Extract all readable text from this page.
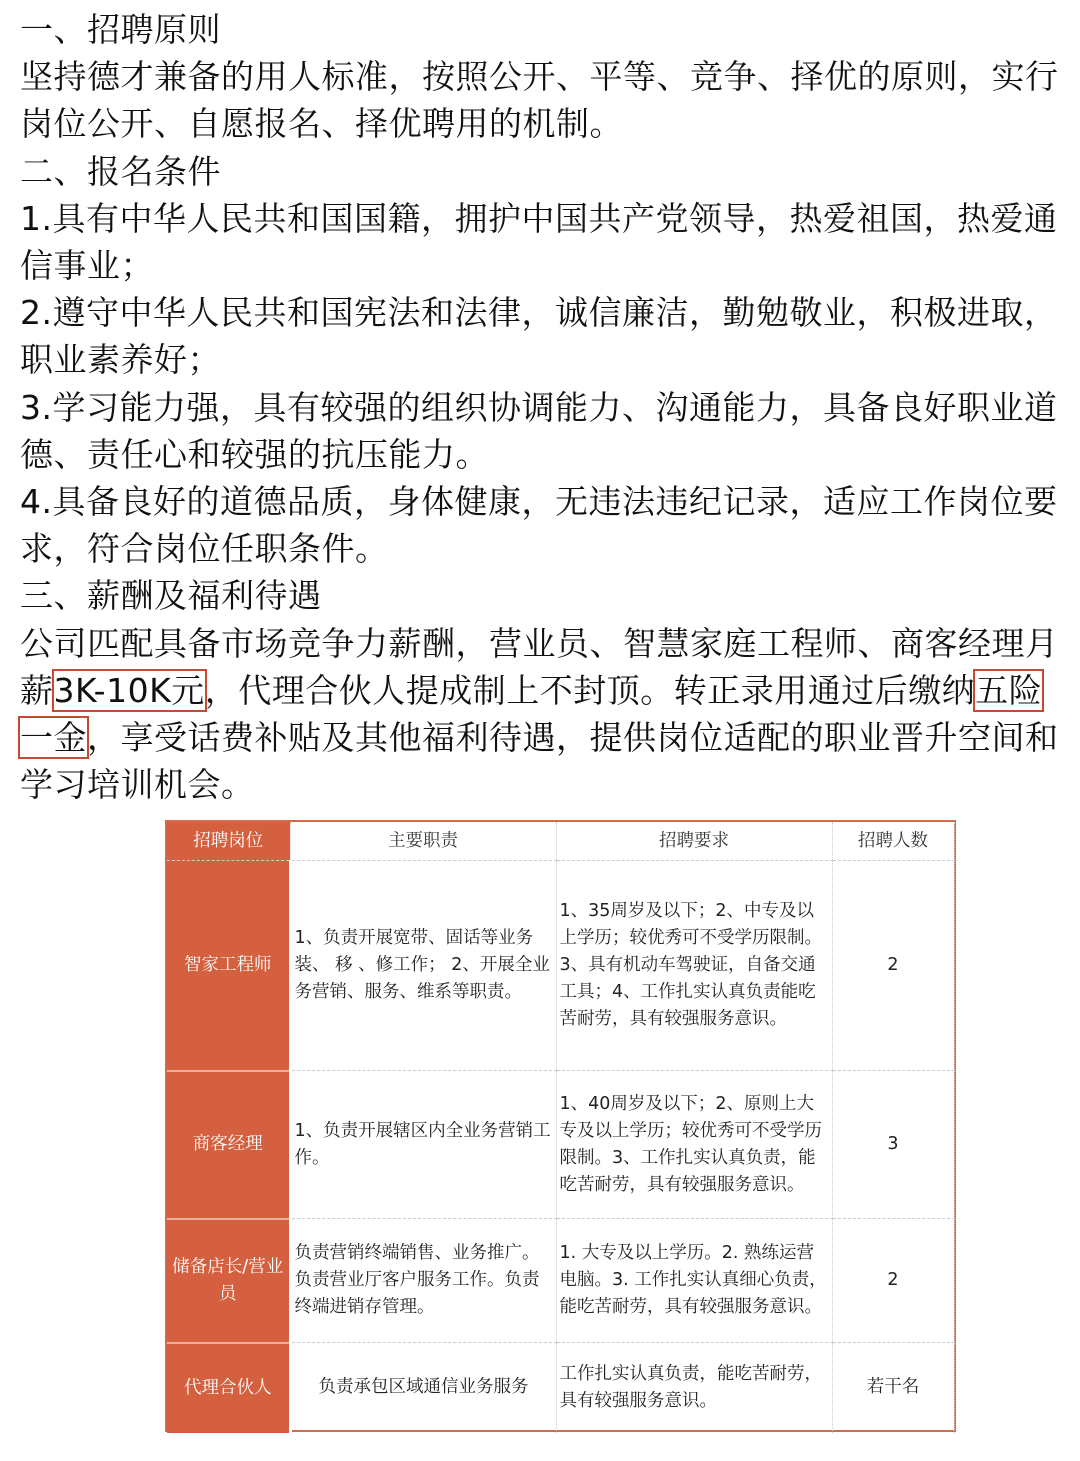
一、招聘原则

坚持德才兼备的用人标准，按照公开、平等、竞争、择优的原则，实行岗位公开、自愿报名、择优聘用的机制。

二、报名条件

1.具有中华人民共和国国籍，拥护中国共产党领导，热爱祖国，热爱通信事业；

2.遵守中华人民共和国宪法和法律，诚信廉洁，勤勉敬业，积极进取，职业素养好；

3.学习能力强，具有较强的组织协调能力、沟通能力，具备良好职业道德、责任心和较强的抗压能力。

4.具备良好的道德品质，身体健康，无违法违纪记录，适应工作岗位要求，符合岗位任职条件。

三、薪酬及福利待遇

公司匹配具备市场竞争力薪酬，营业员、智慧家庭工程师、商客经理月薪3K-10K元，代理合伙人提成制上不封顶。转正录用通过后缴纳五险一金，享受话费补贴及其他福利待遇，提供岗位适配的职业晋升空间和学习培训机会。

招聘岗位	主要职责	招聘要求	招聘人数
智家工程师	1、负责开展宽带、固话等业务装、 移 、修工作； 2、开展全业务营销、服务、维系等职责。	1、35周岁及以下；2、中专及以上学历；较优秀可不受学历限制。3、具有机动车驾驶证，自备交通工具；4、工作扎实认真负责能吃苦耐劳，具有较强服务意识。	2
商客经理	1、负责开展辖区内全业务营销工作。	1、40周岁及以下；2、原则上大专及以上学历；较优秀可不受学历限制。3、工作扎实认真负责，能吃苦耐劳，具有较强服务意识。	3
储备店长/营业员	负责营销终端销售、业务推广。负责营业厅客户服务工作。负责终端进销存管理。	1. 大专及以上学历。2. 熟练运营电脑。3. 工作扎实认真细心负责，能吃苦耐劳，具有较强服务意识。	2
代理合伙人	负责承包区域通信业务服务	工作扎实认真负责，能吃苦耐劳，具有较强服务意识。	若干名
